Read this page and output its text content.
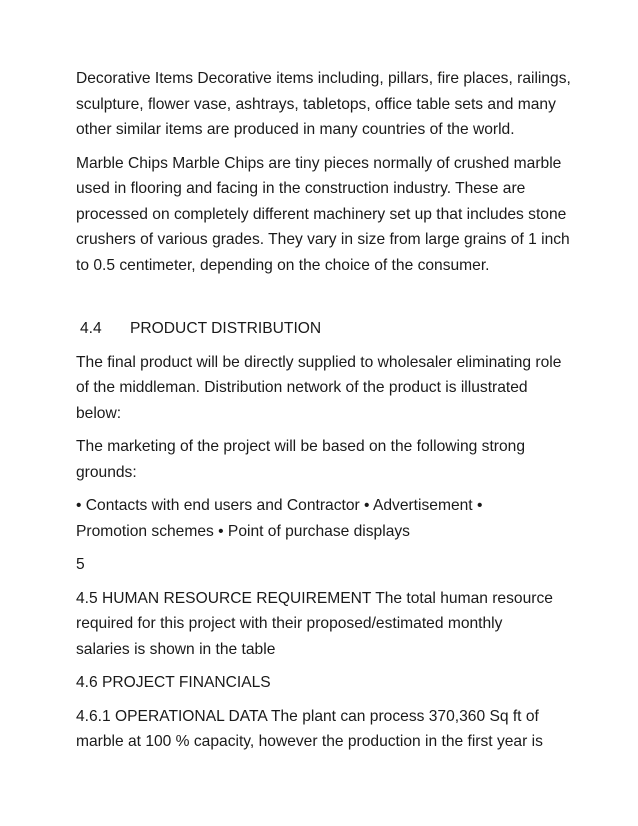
Decorative Items Decorative items including, pillars, fire places, railings,
sculpture, flower vase, ashtrays, tabletops, office table sets and many
other similar items are produced in many countries of the world.

Marble Chips Marble Chips are tiny pieces normally of crushed marble
used in flooring and facing in the construction industry. These are
processed on completely different machinery set up that includes stone
crushers of various grades. They vary in size from large grains of 1 inch
to 0.5 centimeter, depending on the choice of the consumer.

4.4 PRODUCT DISTRIBUTION

The final product will be directly supplied to wholesaler eliminating role
of the middleman. Distribution network of the product is illustrated
below:

The marketing of the project will be based on the following strong
grounds:

• Contacts with end users and Contractor • Advertisement •
Promotion schemes • Point of purchase displays

5

4.5 HUMAN RESOURCE REQUIREMENT The total human resource
required for this project with their proposed/estimated monthly
salaries is shown in the table

4.6 PROJECT FINANCIALS

4.6.1 OPERATIONAL DATA The plant can process 370,360 Sq ft of
marble at 100 % capacity, however the production in the first year is
